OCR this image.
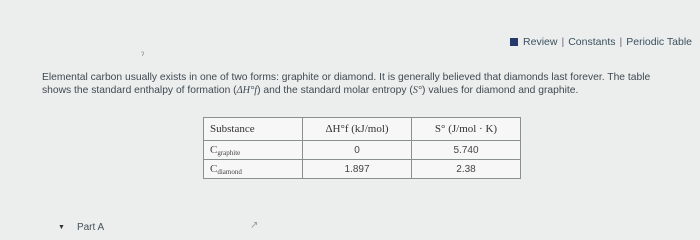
Review | Constants | Periodic Table
ˀ
Elemental carbon usually exists in one of two forms: graphite or diamond. It is generally believed that diamonds last forever. The table
shows the standard enthalpy of formation (ΔH°f) and the standard molar entropy (S°) values for diamond and graphite.
Substance	ΔH°f (kJ/mol)	S° (J/mol · K)
$C_{graphite}$	0	5.740
$C_{diamond}$	1.897	2.38
↗
▼ Part A
